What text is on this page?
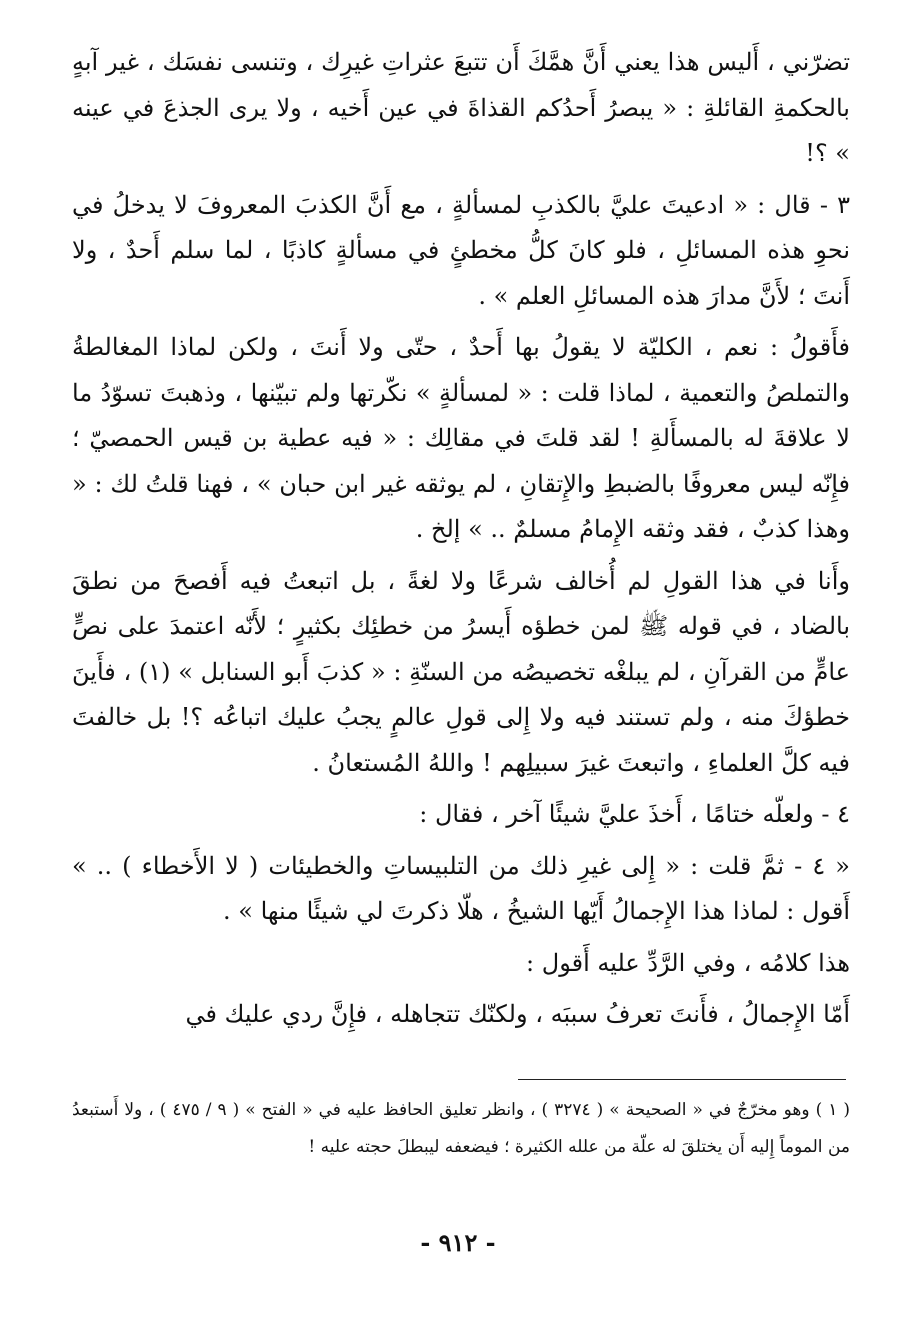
تضرّني ، أَليس هذا يعني أَنَّ همَّكَ أَن تتبعَ عثراتِ غيرِك ، وتنسى نفسَك ، غير آبهٍ بالحكمةِ القائلةِ : « يبصرُ أَحدُكم القذاةَ في عين أَخيه ، ولا يرى الجذعَ في عينه » ؟!

٣ - قال : « ادعيتَ عليَّ بالكذبِ لمسألةٍ ، مع أَنَّ الكذبَ المعروفَ لا يدخلُ في نحوِ هذه المسائلِ ، فلو كانَ كلُّ مخطئٍ في مسألةٍ كاذبًا ، لما سلم أَحدٌ ، ولا أَنتَ ؛ لأَنَّ مدارَ هذه المسائلِ العلم » .

فأَقولُ : نعم ، الكليّة لا يقولُ بها أَحدٌ ، حتّى ولا أَنتَ ، ولكن لماذا المغالطةُ والتملصُ والتعمية ، لماذا قلت : « لمسألةٍ » نكّرتها ولم تبيّنها ، وذهبتَ تسوّدُ ما لا علاقةَ له بالمسأَلةِ ! لقد قلتَ في مقالِك : « فيه عطية بن قيس الحمصيّ ؛ فإِنّه ليس معروفًا بالضبطِ والإِتقانِ ، لم يوثقه غير ابن حبان » ، فهنا قلتُ لك : « وهذا كذبٌ ، فقد وثقه الإِمامُ مسلمٌ .. » إلخ .

وأَنا في هذا القولِ لم أُخالف شرعًا ولا لغةً ، بل اتبعتُ فيه أَفصحَ من نطقَ بالضاد ، في قوله ﷺ لمن خطؤه أَيسرُ من خطئِك بكثيرٍ ؛ لأَنّه اعتمدَ على نصٍّ عامٍّ من القرآنِ ، لم يبلغْه تخصيصُه من السنّةِ : « كذبَ أَبو السنابل » (١) ، فأَينَ خطؤكَ منه ، ولم تستند فيه ولا إِلى قولِ عالمٍ يجبُ عليك اتباعُه ؟! بل خالفتَ فيه كلَّ العلماءِ ، واتبعتَ غيرَ سبيلِهم ! واللهُ المُستعانُ .

٤ - ولعلّه ختامًا ، أَخذَ عليَّ شيئًا آخر ، فقال :

« ٤ - ثمَّ قلت : « إِلى غيرِ ذلك من التلبيساتِ والخطيئات ( لا الأَخطاء ) .. » أَقول : لماذا هذا الإِجمالُ أَيّها الشيخُ ، هلّا ذكرتَ لي شيئًا منها » .

هذا كلامُه ، وفي الرَّدِّ عليه أَقول :

أَمّا الإِجمالُ ، فأَنتَ تعرفُ سببَه ، ولكنّك تتجاهله ، فإِنَّ ردي عليك في

( ١ ) وهو مخرّجٌ في « الصحيحة » ( ٣٢٧٤ ) ، وانظر تعليق الحافظ عليه في « الفتح » ( ٩ / ٤٧٥ ) ، ولا أَستبعدُ من الموماً إِليه أَن يختلقَ له علّة من علله الكثيرة ؛ فيضعفه ليبطلَ حجته عليه !

- ٩١٢ -
